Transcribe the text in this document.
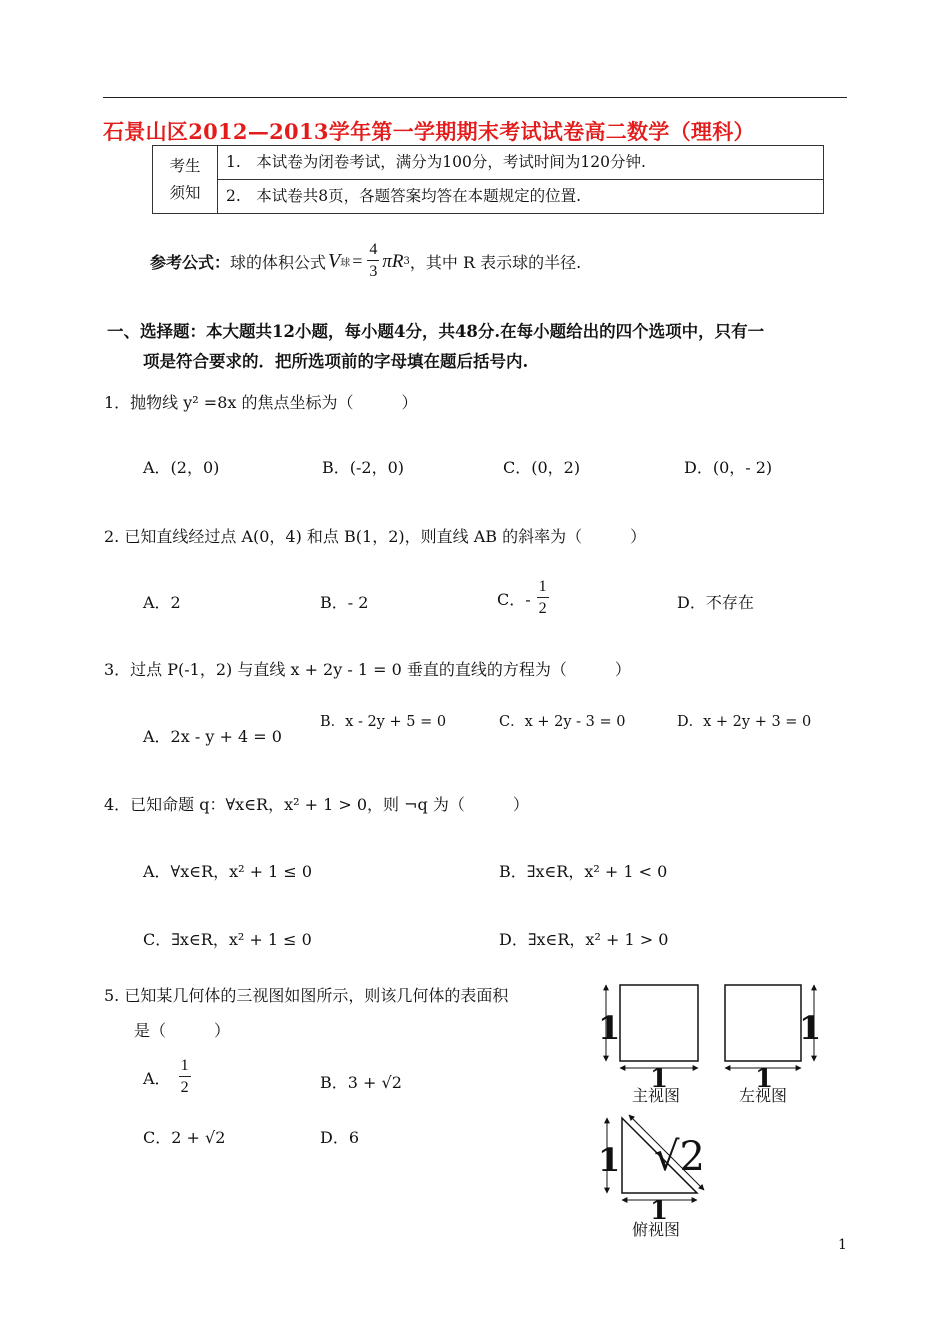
石景山区2012—2013学年第一学期期末考试试卷高二数学（理科）
考生
须知
	1.　本试卷为闭卷考试，满分为100分，考试时间为120分钟.
2.　本试卷共8页，各题答案均答在本题规定的位置.
参考公式： 球的体积公式 V 球 = $\frac{4}{3}$ πR 3 ，其中 R 表示球的半径.
一、选择题：本大题共12小题，每小题4分，共48分.在每小题给出的四个选项中，只有一
项是符合要求的．把所选项前的字母填在题后括号内.
1．抛物线 y² =8x 的焦点坐标为（　　　）
A．(2，0)	B．(-2，0)	C．(0，2)	D．(0，- 2)
2. 已知直线经过点 A(0，4) 和点 B(1，2)，则直线 AB 的斜率为（　　　）
A．2	B．- 2	C．- $\frac{1}{2}$	D．不存在
3．过点 P(-1，2) 与直线 x + 2y - 1 = 0 垂直的直线的方程为（　　　）
A．2x - y + 4 = 0
B．x - 2y + 5 = 0	C．x + 2y - 3 = 0	D．x + 2y + 3 = 0
4．已知命题 q：∀x∈R，x² + 1 > 0，则 ¬q 为（　　　）
A．∀x∈R，x² + 1 ≤ 0	B．∃x∈R，x² + 1 < 0
C．∃x∈R，x² + 1 ≤ 0	D．∃x∈R，x² + 1 > 0
5. 已知某几何体的三视图如图所示，则该几何体的表面积
是（　　　）
A． $\frac{1}{2}$	B．3 + √2
C．2 + √2	D．6
1
1
主视图
1
1
左视图
1 √2
1
俯视图
1
